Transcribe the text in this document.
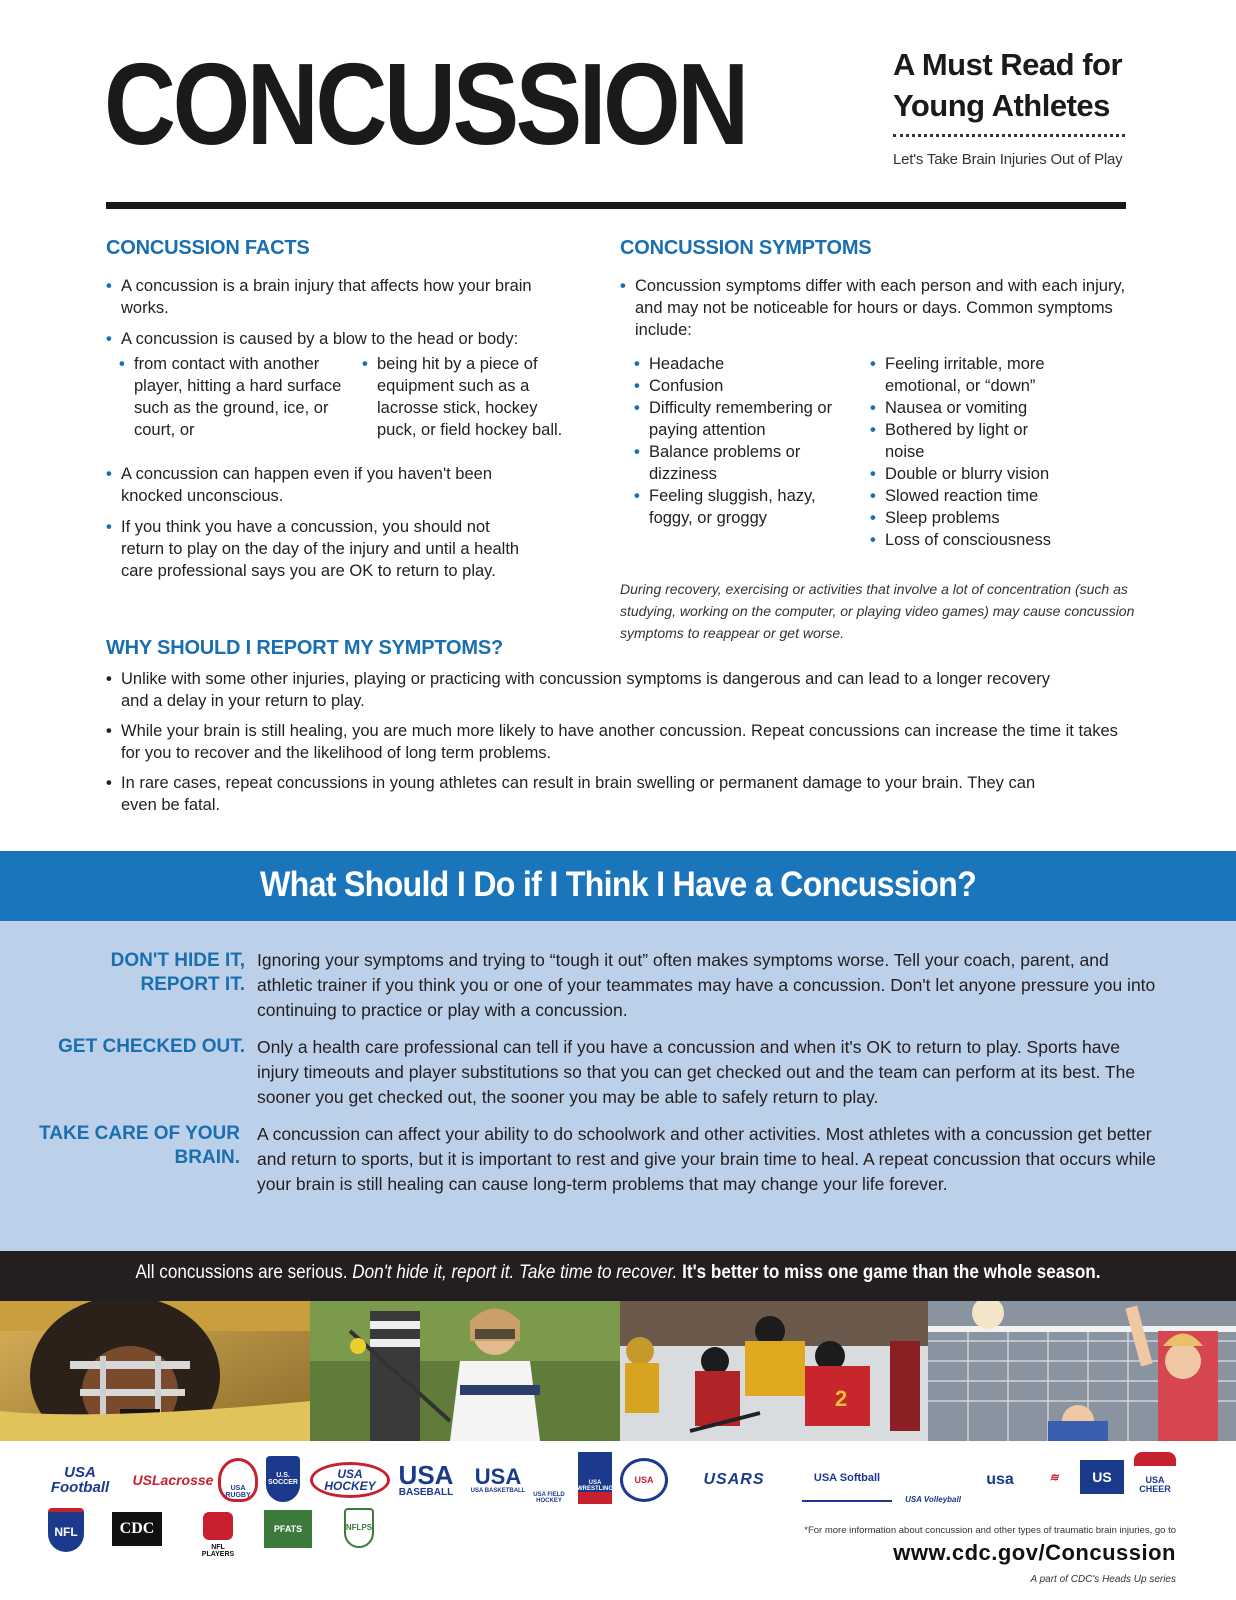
CONCUSSION	A Must Read for Young Athletes
Let's Take Brain Injuries Out of Play
CONCUSSION FACTS
• A concussion is a brain injury that affects how your brain works.
• A concussion is caused by a blow to the head or body:
• from contact with another player, hitting a hard surface such as the ground, ice, or court, or
• being hit by a piece of equipment such as a lacrosse stick, hockey puck, or field hockey ball.
• A concussion can happen even if you haven't been knocked unconscious.
• If you think you have a concussion, you should not return to play on the day of the injury and until a health care professional says you are OK to return to play.
CONCUSSION SYMPTOMS
• Concussion symptoms differ with each person and with each injury, and may not be noticeable for hours or days. Common symptoms include:
• Headache
• Confusion
• Difficulty remembering or paying attention
• Balance problems or dizziness
• Feeling sluggish, hazy, foggy, or groggy
• Feeling irritable, more emotional, or “down”
• Nausea or vomiting
• Bothered by light or noise
• Double or blurry vision
• Slowed reaction time
• Sleep problems
• Loss of consciousness
During recovery, exercising or activities that involve a lot of concentration (such as studying, working on the computer, or playing video games) may cause concussion symptoms to reappear or get worse.
WHY SHOULD I REPORT MY SYMPTOMS?
• Unlike with some other injuries, playing or practicing with concussion symptoms is dangerous and can lead to a longer recovery and a delay in your return to play.
• While your brain is still healing, you are much more likely to have another concussion. Repeat concussions can increase the time it takes for you to recover and the likelihood of long term problems.
• In rare cases, repeat concussions in young athletes can result in brain swelling or permanent damage to your brain. They can even be fatal.
What Should I Do if I Think I Have a Concussion?
DON'T HIDE IT, REPORT IT.
Ignoring your symptoms and trying to “tough it out” often makes symptoms worse. Tell your coach, parent, and athletic trainer if you think you or one of your teammates may have a concussion. Don't let anyone pressure you into continuing to practice or play with a concussion.
GET CHECKED OUT. Only a health care professional can tell if you have a concussion and when it's OK to return to play. Sports have injury timeouts and player substitutions so that you can get checked out and the team can perform at its best. The sooner you get checked out, the sooner you may be able to safely return to play.
TAKE CARE OF YOUR BRAIN.
A concussion can affect your ability to do schoolwork and other activities. Most athletes with a concussion get better and return to sports, but it is important to rest and give your brain time to heal. A repeat concussion that occurs while your brain is still healing can cause long-term problems that may change your life forever.
All concussions are serious. Don't hide it, report it. Take time to recover. It's better to miss one game than the whole season.
2
USA Football	USLacrosse
USA RUGBY
U.S. SOCCER
USA HOCKEY USA
BASEBALL
USA
USA BASKETBALL
USA FIELD HOCKEY
USA WRESTLING
USA	USARS	USA Softball
USA Volleyball
usa	≋	US	USA CHEER
NFL	CDC
NFL PLAYERS
PFATS	NFLPS	*For more information about concussion and other types of traumatic brain injuries, go to
www.cdc.gov/Concussion
A part of CDC's Heads Up series
